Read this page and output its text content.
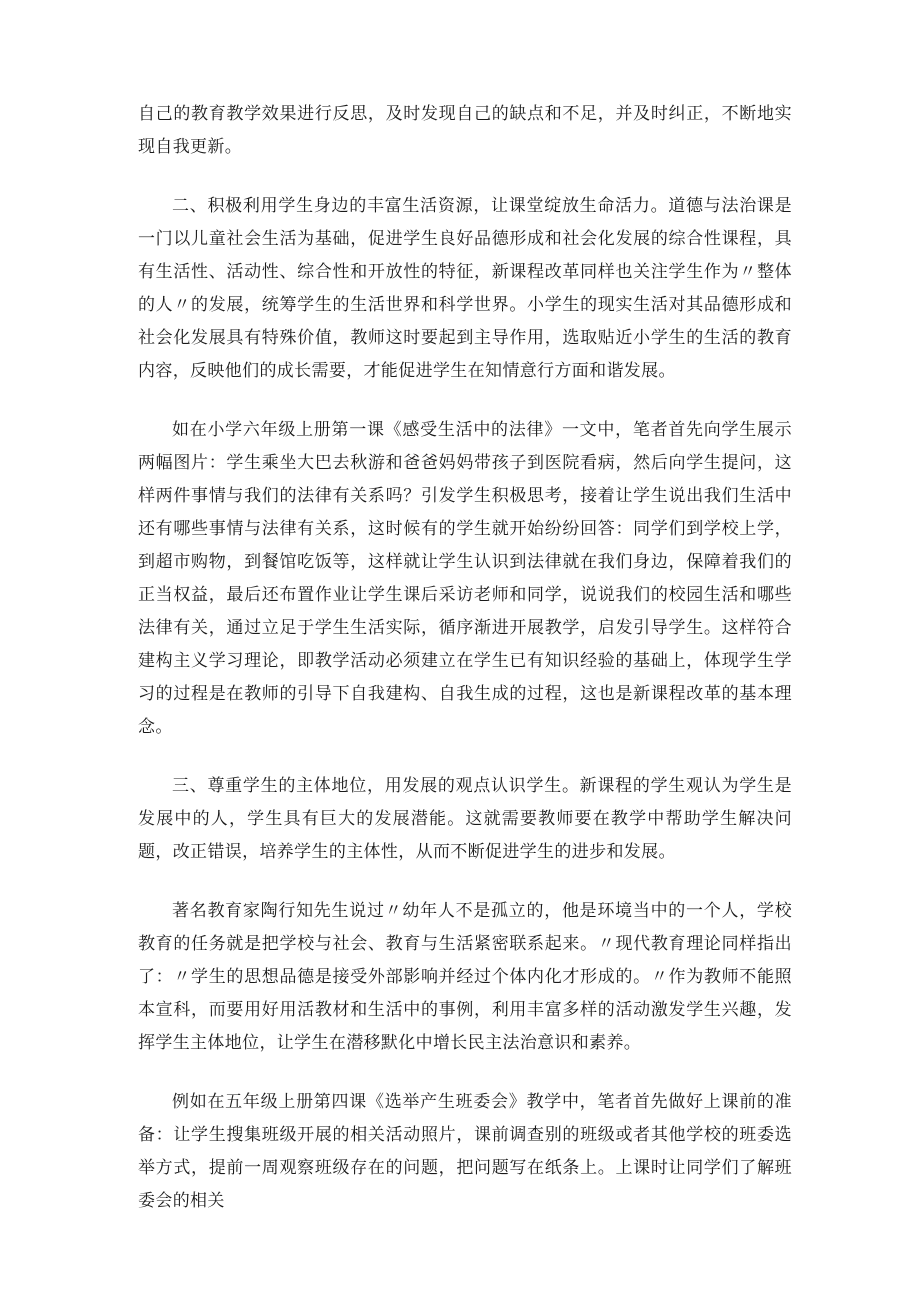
自己的教育教学效果进行反思，及时发现自己的缺点和不足，并及时纠正，不断地实现自我更新。

二、积极利用学生身边的丰富生活资源，让课堂绽放生命活力。道德与法治课是一门以儿童社会生活为基础，促进学生良好品德形成和社会化发展的综合性课程，具有生活性、活动性、综合性和开放性的特征，新课程改革同样也关注学生作为〃整体的人〃的发展，统筹学生的生活世界和科学世界。小学生的现实生活对其品德形成和社会化发展具有特殊价值，教师这时要起到主导作用，选取贴近小学生的生活的教育内容，反映他们的成长需要，才能促进学生在知情意行方面和谐发展。

如在小学六年级上册第一课《感受生活中的法律》一文中，笔者首先向学生展示两幅图片：学生乘坐大巴去秋游和爸爸妈妈带孩子到医院看病，然后向学生提问，这样两件事情与我们的法律有关系吗？引发学生积极思考，接着让学生说出我们生活中还有哪些事情与法律有关系，这时候有的学生就开始纷纷回答：同学们到学校上学，到超市购物，到餐馆吃饭等，这样就让学生认识到法律就在我们身边，保障着我们的正当权益，最后还布置作业让学生课后采访老师和同学，说说我们的校园生活和哪些法律有关，通过立足于学生生活实际，循序渐进开展教学，启发引导学生。这样符合建构主义学习理论，即教学活动必须建立在学生已有知识经验的基础上，体现学生学习的过程是在教师的引导下自我建构、自我生成的过程，这也是新课程改革的基本理念。

三、尊重学生的主体地位，用发展的观点认识学生。新课程的学生观认为学生是发展中的人，学生具有巨大的发展潜能。这就需要教师要在教学中帮助学生解决问题，改正错误，培养学生的主体性，从而不断促进学生的进步和发展。

著名教育家陶行知先生说过〃幼年人不是孤立的，他是环境当中的一个人，学校教育的任务就是把学校与社会、教育与生活紧密联系起来。〃现代教育理论同样指出了：〃学生的思想品德是接受外部影响并经过个体内化才形成的。〃作为教师不能照本宣科，而要用好用活教材和生活中的事例，利用丰富多样的活动激发学生兴趣，发挥学生主体地位，让学生在潜移默化中增长民主法治意识和素养。

例如在五年级上册第四课《选举产生班委会》教学中，笔者首先做好上课前的准备：让学生搜集班级开展的相关活动照片，课前调查别的班级或者其他学校的班委选举方式，提前一周观察班级存在的问题，把问题写在纸条上。上课时让同学们了解班委会的相关
